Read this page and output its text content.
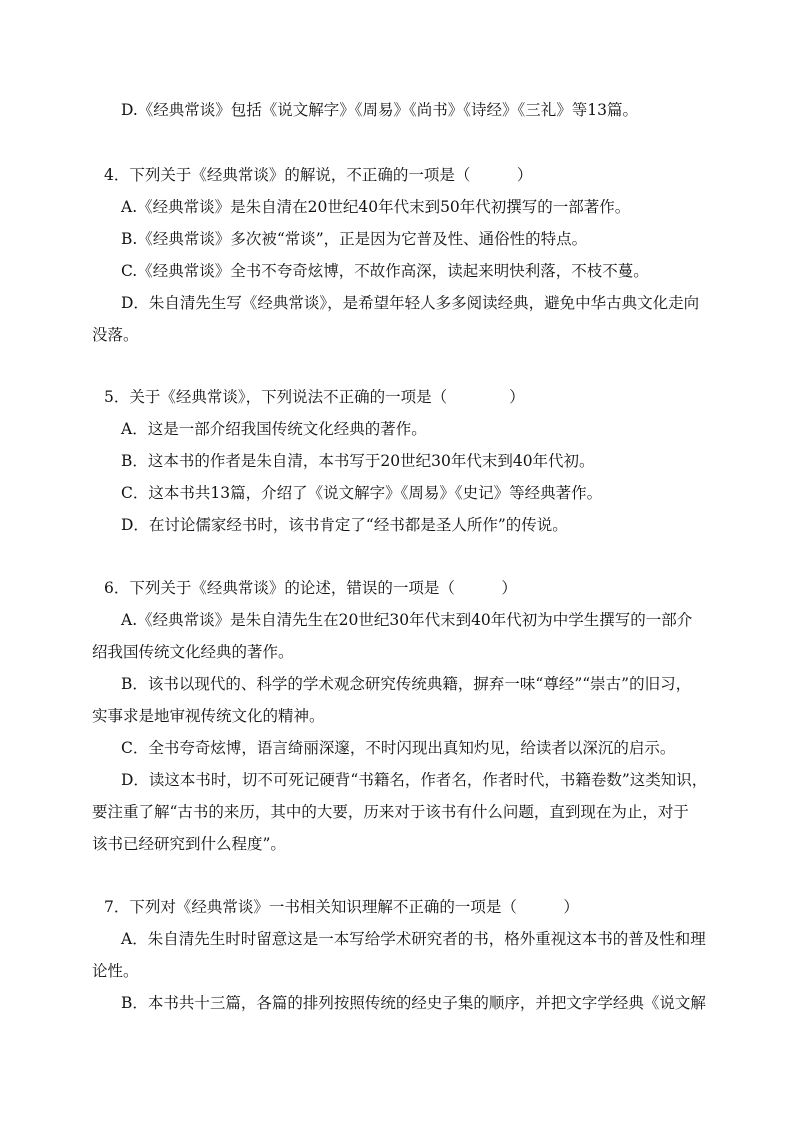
D.《经典常谈》包括《说文解字》《周易》《尚书》《诗经》《三礼》等13篇。
4．下列关于《经典常谈》的解说，不正确的一项是（　　　）
A.《经典常谈》是朱自清在20世纪40年代末到50年代初撰写的一部著作。
B.《经典常谈》多次被“常谈”，正是因为它普及性、通俗性的特点。
C.《经典常谈》全书不夸奇炫博，不故作高深，读起来明快利落，不枝不蔓。
D．朱自清先生写《经典常谈》，是希望年轻人多多阅读经典，避免中华古典文化走向
没落。
5．关于《经典常谈》，下列说法不正确的一项是（　　　　）
A．这是一部介绍我国传统文化经典的著作。
B．这本书的作者是朱自清，本书写于20世纪30年代末到40年代初。
C．这本书共13篇，介绍了《说文解字》《周易》《史记》等经典著作。
D．在讨论儒家经书时，该书肯定了“经书都是圣人所作”的传说。
6．下列关于《经典常谈》的论述，错误的一项是（　　　）
A.《经典常谈》是朱自清先生在20世纪30年代末到40年代初为中学生撰写的一部介
绍我国传统文化经典的著作。
B．该书以现代的、科学的学术观念研究传统典籍，摒弃一味“尊经”“崇古”的旧习，
实事求是地审视传统文化的精神。
C．全书夸奇炫博，语言绮丽深邃，不时闪现出真知灼见，给读者以深沉的启示。
D．读这本书时，切不可死记硬背“书籍名，作者名，作者时代，书籍卷数”这类知识，
要注重了解“古书的来历，其中的大要，历来对于该书有什么问题，直到现在为止，对于
该书已经研究到什么程度”。
7．下列对《经典常谈》一书相关知识理解不正确的一项是（　　　）
A．朱自清先生时时留意这是一本写给学术研究者的书，格外重视这本书的普及性和理
论性。
B．本书共十三篇，各篇的排列按照传统的经史子集的顺序，并把文字学经典《说文解
